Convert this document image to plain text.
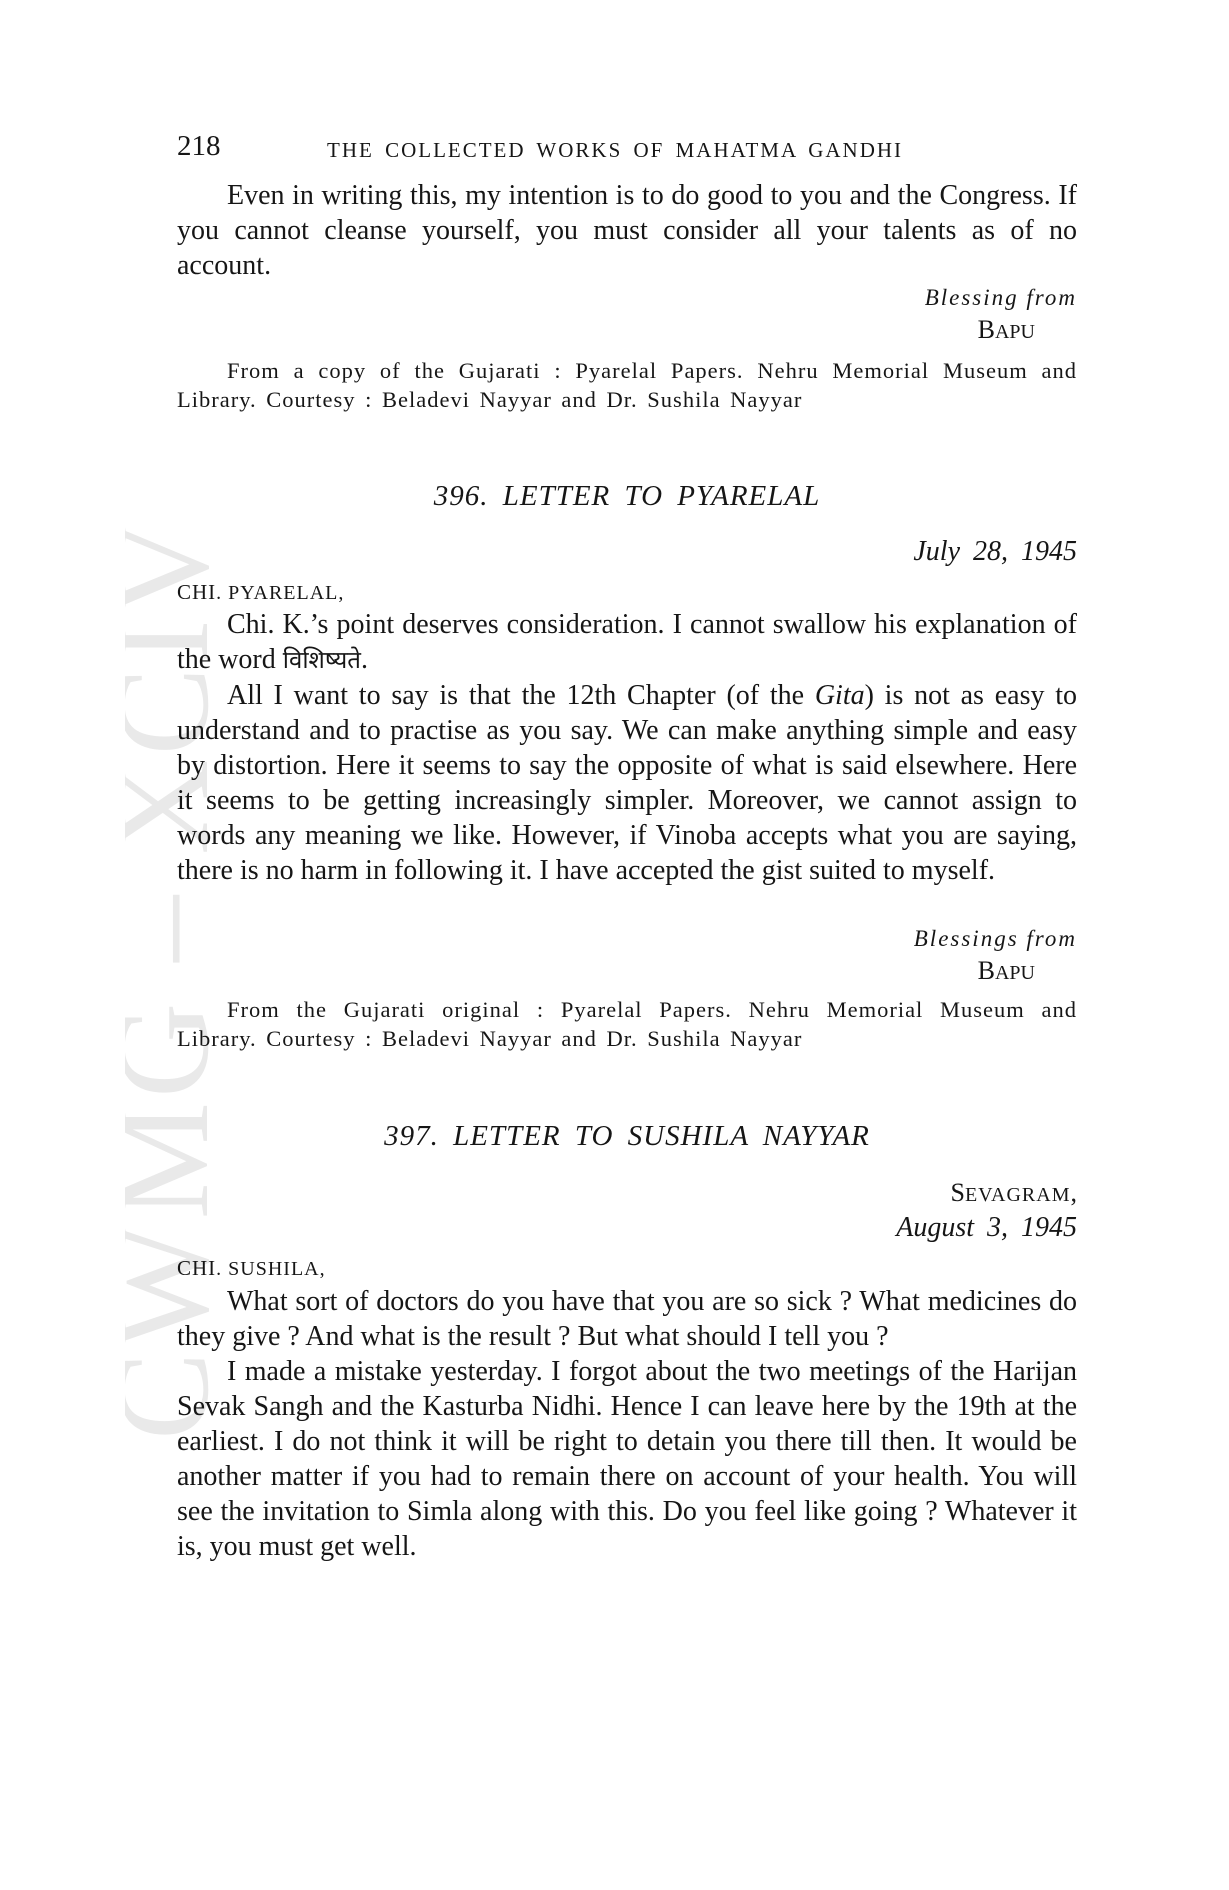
CWMG XCIV
218	THE COLLECTED WORKS OF MAHATMA GANDHI

Even in writing this, my intention is to do good to you and the Congress. If you cannot cleanse yourself, you must consider all your talents as of no account.

Blessing from
BAPU

From a copy of the Gujarati : Pyarelal Papers. Nehru Memorial Museum and Library. Courtesy : Beladevi Nayyar and Dr. Sushila Nayyar

396. LETTER TO PYARELAL
July 28, 1945
CHI. PYARELAL,

Chi. K.’s point deserves consideration. I cannot swallow his explanation of the word विशिष्यते.

All I want to say is that the 12th Chapter (of the Gita) is not as easy to understand and to practise as you say. We can make anything simple and easy by distortion. Here it seems to say the opposite of what is said elsewhere. Here it seems to be getting increasingly simpler. Moreover, we cannot assign to words any meaning we like. However, if Vinoba accepts what you are saying, there is no harm in following it. I have accepted the gist suited to myself.

Blessings from
BAPU

From the Gujarati original : Pyarelal Papers. Nehru Memorial Museum and Library. Courtesy : Beladevi Nayyar and Dr. Sushila Nayyar

397. LETTER TO SUSHILA NAYYAR
SEVAGRAM,
August 3, 1945
CHI. SUSHILA,

What sort of doctors do you have that you are so sick ? What medicines do they give ? And what is the result ? But what should I tell you ?

I made a mistake yesterday. I forgot about the two meetings of the Harijan Sevak Sangh and the Kasturba Nidhi. Hence I can leave here by the 19th at the earliest. I do not think it will be right to detain you there till then. It would be another matter if you had to remain there on account of your health. You will see the invitation to Simla along with this. Do you feel like going ? Whatever it is, you must get well.
